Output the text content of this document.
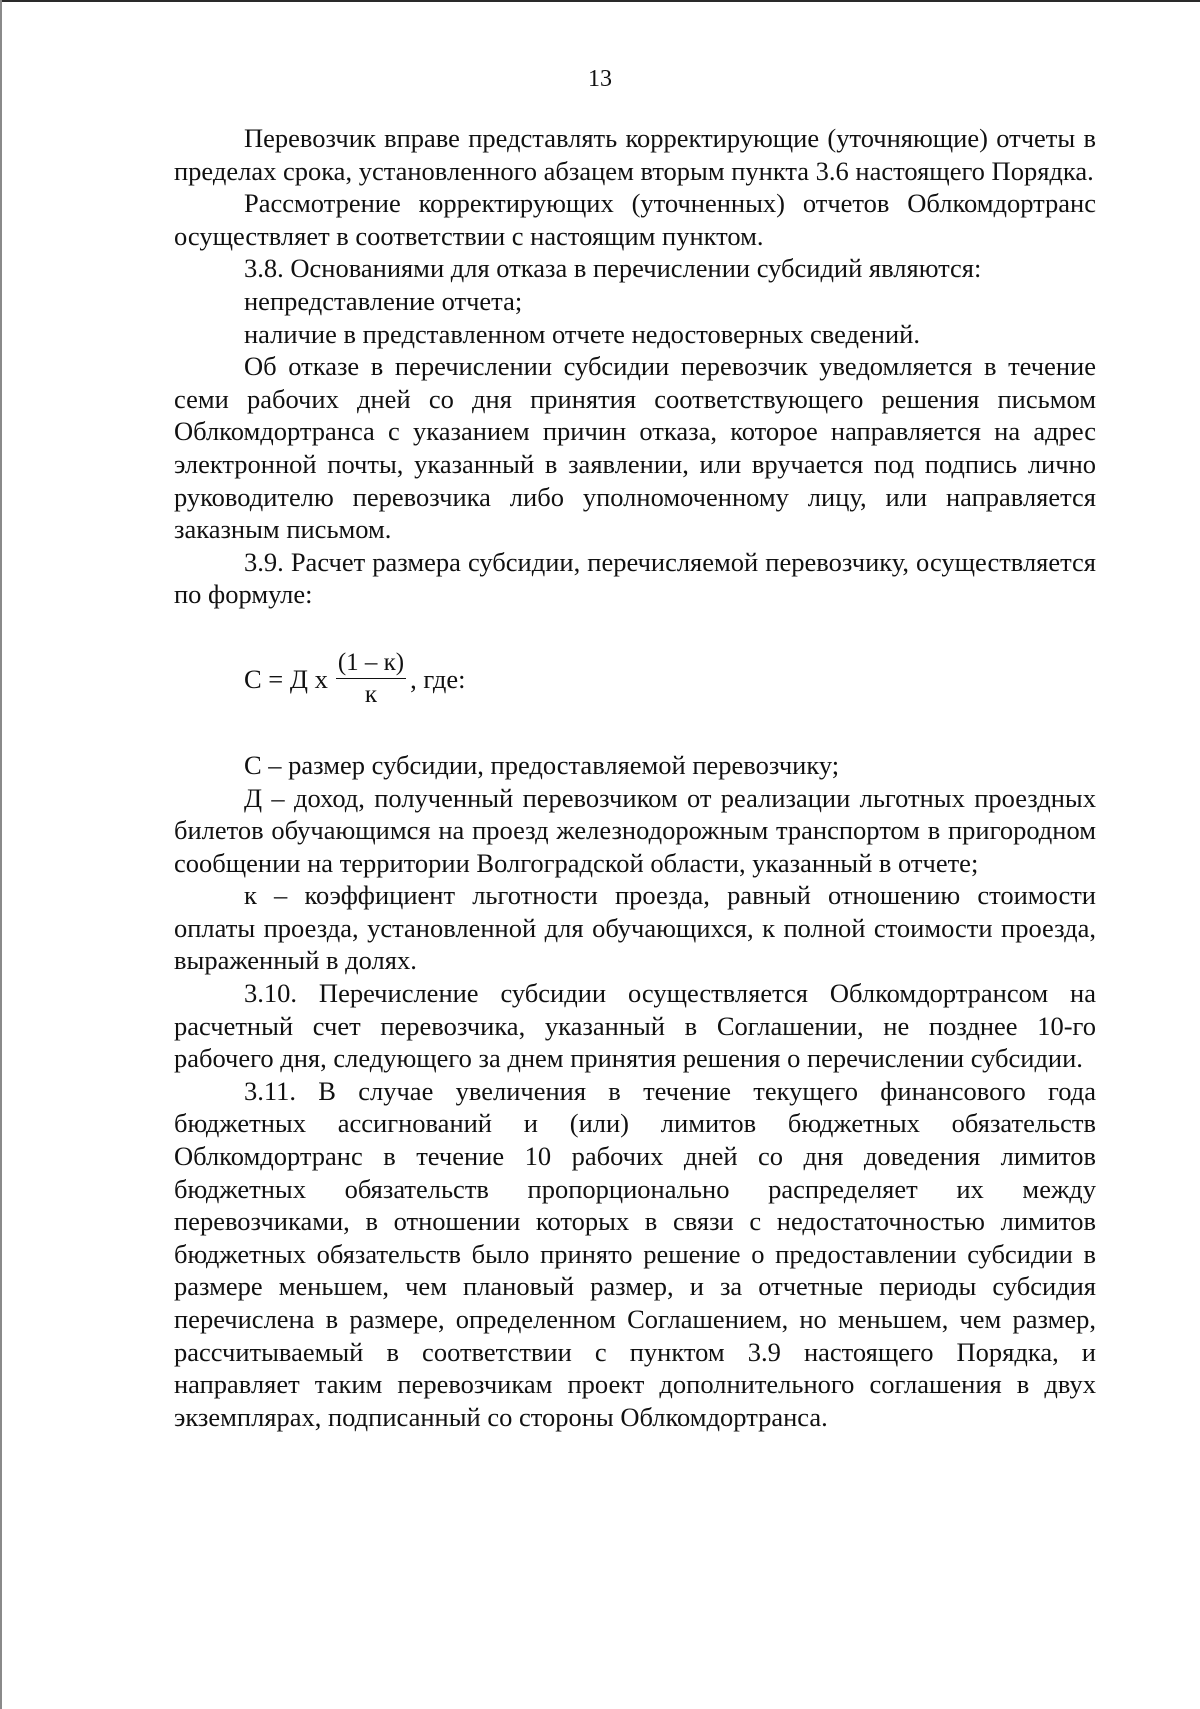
13

Перевозчик вправе представлять корректирующие (уточняющие) отчеты в пределах срока, установленного абзацем вторым пункта 3.6 настоящего Порядка.

Рассмотрение корректирующих (уточненных) отчетов Облкомдортранс осуществляет в соответствии с настоящим пунктом.

3.8. Основаниями для отказа в перечислении субсидий являются:

непредставление отчета;

наличие в представленном отчете недостоверных сведений.

Об отказе в перечислении субсидии перевозчик уведомляется в течение семи рабочих дней со дня принятия соответствующего решения письмом Облкомдортранса с указанием причин отказа, которое направляется на адрес электронной почты, указанный в заявлении, или вручается под подпись лично руководителю перевозчика либо уполномоченному лицу, или направляется заказным письмом.

3.9. Расчет размера субсидии, перечисляемой перевозчику, осуществляется по формуле:

С = Д х $\frac{(1 - к)}{к}$ , где:

С – размер субсидии, предоставляемой перевозчику;

Д – доход, полученный перевозчиком от реализации льготных проездных билетов обучающимся на проезд железнодорожным транспортом в пригородном сообщении на территории Волгоградской области, указанный в отчете;

к – коэффициент льготности проезда, равный отношению стоимости оплаты проезда, установленной для обучающихся, к полной стоимости проезда, выраженный в долях.

3.10. Перечисление субсидии осуществляется Облкомдортрансом на расчетный счет перевозчика, указанный в Соглашении, не позднее 10-го рабочего дня, следующего за днем принятия решения о перечислении субсидии.

3.11. В случае увеличения в течение текущего финансового года бюджетных ассигнований и (или) лимитов бюджетных обязательств Облкомдортранс в течение 10 рабочих дней со дня доведения лимитов бюджетных обязательств пропорционально распределяет их между перевозчиками, в отношении которых в связи с недостаточностью лимитов бюджетных обязательств было принято решение о предоставлении субсидии в размере меньшем, чем плановый размер, и за отчетные периоды субсидия перечислена в размере, определенном Соглашением, но меньшем, чем размер, рассчитываемый в соответствии с пунктом 3.9 настоящего Порядка, и направляет таким перевозчикам проект дополнительного соглашения в двух экземплярах, подписанный со стороны Облкомдортранса.
